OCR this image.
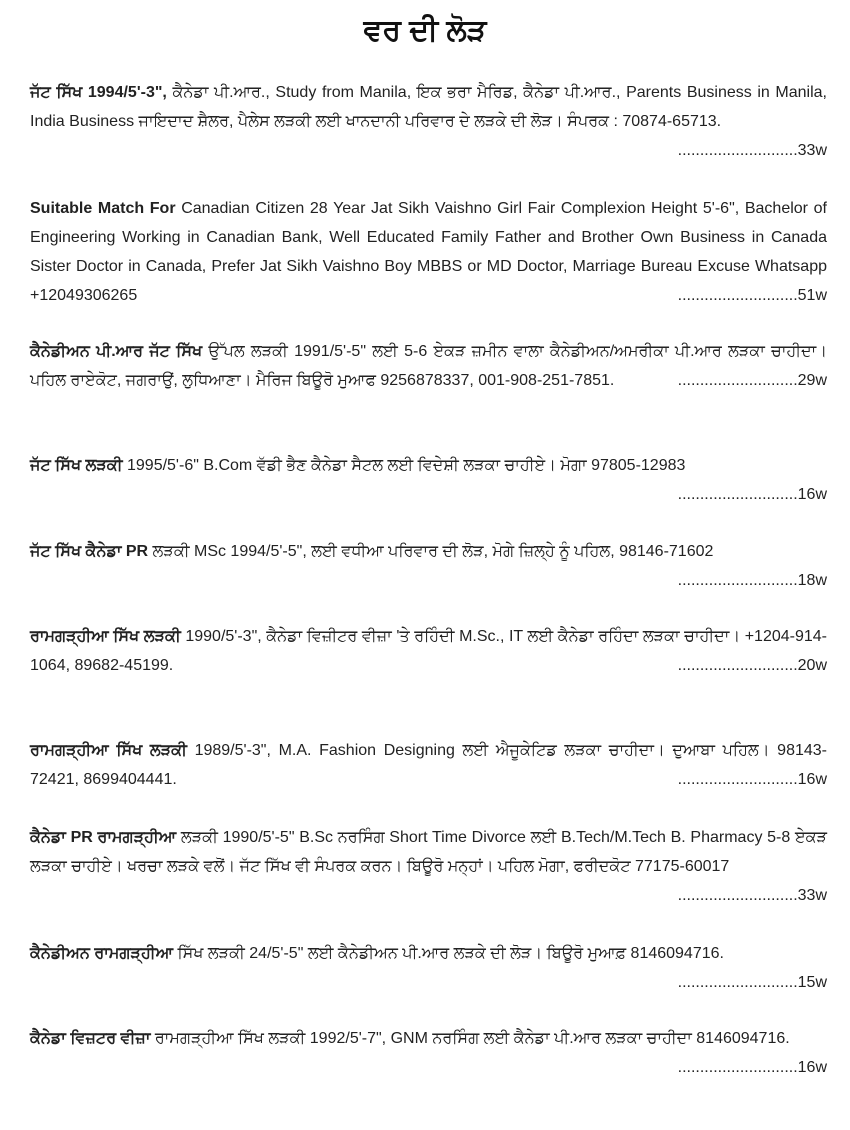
ਵਰ ਦੀ ਲੋੜ
ਜੱਟ ਸਿੱਖ 1994/5'-3", ਕੈਨੇਡਾ ਪੀ.ਆਰ., Study from Manila, ਇਕ ਭਰਾ ਮੈਰਿਡ, ਕੈਨੇਡਾ ਪੀ.ਆਰ., Parents Business in Manila, India Business ਜਾਇਦਾਦ ਸ਼ੈਲਰ, ਪੈਲੇਸ ਲੜਕੀ ਲਈ ਖਾਨਦਾਨੀ ਪਰਿਵਾਰ ਦੇ ਲੜਕੇ ਦੀ ਲੋੜ। ਸੰਪਰਕ : 70874-65713.
...........................33w
Suitable Match For Canadian Citizen 28 Year Jat Sikh Vaishno Girl Fair Complexion Height 5'-6", Bachelor of Engineering Working in Canadian Bank, Well Educated Family Father and Brother Own Business in Canada Sister Doctor in Canada, Prefer Jat Sikh Vaishno Boy MBBS or MD Doctor, Marriage Bureau Excuse Whatsapp +12049306265	...........................51w
ਕੈਨੇਡੀਅਨ ਪੀ.ਆਰ ਜੱਟ ਸਿੱਖ ਉੱਪਲ ਲੜਕੀ 1991/5'-5" ਲਈ 5-6 ਏਕੜ ਜ਼ਮੀਨ ਵਾਲਾ ਕੈਨੇਡੀਅਨ/ਅਮਰੀਕਾ ਪੀ.ਆਰ ਲੜਕਾ ਚਾਹੀਦਾ। ਪਹਿਲ ਰਾਏਕੋਟ, ਜਗਰਾਉਂ, ਲੁਧਿਆਣਾ। ਮੈਰਿਜ ਬਿਊਰੋ ਮੁਆਫ 9256878337, 001-908-251-7851.	...........................29w
ਜੱਟ ਸਿੱਖ ਲੜਕੀ 1995/5'-6" B.Com ਵੱਡੀ ਭੈਣ ਕੈਨੇਡਾ ਸੈਟਲ ਲਈ ਵਿਦੇਸ਼ੀ ਲੜਕਾ ਚਾਹੀਏ। ਮੋਗਾ 97805-12983
...........................16w
ਜੱਟ ਸਿੱਖ ਕੈਨੇਡਾ PR ਲੜਕੀ MSc 1994/5'-5", ਲਈ ਵਧੀਆ ਪਰਿਵਾਰ ਦੀ ਲੋੜ, ਮੋਗੇ ਜ਼ਿਲ੍ਹੇ ਨੂੰ ਪਹਿਲ, 98146-71602
...........................18w
ਰਾਮਗੜ੍ਹੀਆ ਸਿੱਖ ਲੜਕੀ 1990/5'-3", ਕੈਨੇਡਾ ਵਿਜ਼ੀਟਰ ਵੀਜ਼ਾ 'ਤੇ ਰਹਿੰਦੀ M.Sc., IT ਲਈ ਕੈਨੇਡਾ ਰਹਿੰਦਾ ਲੜਕਾ ਚਾਹੀਦਾ। +1204-914-1064, 89682-45199.	...........................20w
ਰਾਮਗੜ੍ਹੀਆ ਸਿੱਖ ਲੜਕੀ 1989/5'-3", M.A. Fashion Designing ਲਈ ਐਜੂਕੇਟਿਡ ਲੜਕਾ ਚਾਹੀਦਾ। ਦੁਆਬਾ ਪਹਿਲ। 98143-72421, 8699404441.	...........................16w
ਕੈਨੇਡਾ PR ਰਾਮਗੜ੍ਹੀਆ ਲੜਕੀ 1990/5'-5" B.Sc ਨਰਸਿੰਗ Short Time Divorce ਲਈ B.Tech/M.Tech B. Pharmacy 5-8 ਏਕੜ ਲੜਕਾ ਚਾਹੀਏ। ਖਰਚਾ ਲੜਕੇ ਵਲੋਂ। ਜੱਟ ਸਿੱਖ ਵੀ ਸੰਪਰਕ ਕਰਨ। ਬਿਊਰੋ ਮਨ੍ਹਾਂ। ਪਹਿਲ ਮੋਗਾ, ਫਰੀਦਕੋਟ 77175-60017
...........................33w
ਕੈਨੇਡੀਅਨ ਰਾਮਗੜ੍ਹੀਆ ਸਿੱਖ ਲੜਕੀ 24/5'-5" ਲਈ ਕੈਨੇਡੀਅਨ ਪੀ.ਆਰ ਲੜਕੇ ਦੀ ਲੋੜ। ਬਿਊਰੋ ਮੁਆਫ਼ 8146094716.
...........................15w
ਕੈਨੇਡਾ ਵਿਜ਼ਟਰ ਵੀਜ਼ਾ ਰਾਮਗੜ੍ਹੀਆ ਸਿੱਖ ਲੜਕੀ 1992/5'-7", GNM ਨਰਸਿੰਗ ਲਈ ਕੈਨੇਡਾ ਪੀ.ਆਰ ਲੜਕਾ ਚਾਹੀਦਾ 8146094716.
...........................16w
